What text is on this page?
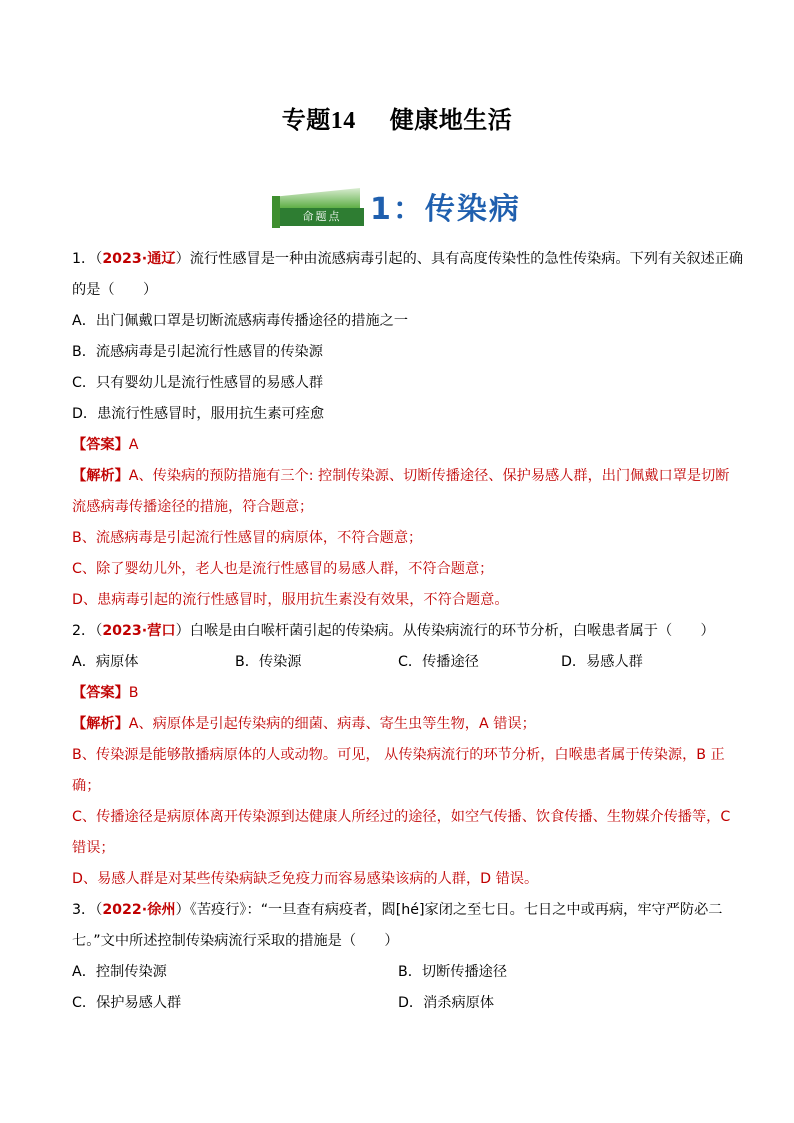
专题14 健康地生活
命题点 1：传染病
1．（2023·通辽）流行性感冒是一种由流感病毒引起的、具有高度传染性的急性传染病。下列有关叙述正确
的是（　　）
A．出门佩戴口罩是切断流感病毒传播途径的措施之一
B．流感病毒是引起流行性感冒的传染源
C．只有婴幼儿是流行性感冒的易感人群
D．患流行性感冒时，服用抗生素可痊愈
【答案】A
【解析】A、传染病的预防措施有三个: 控制传染源、切断传播途径、保护易感人群，出门佩戴口罩是切断
流感病毒传播途径的措施，符合题意；
B、流感病毒是引起流行性感冒的病原体，不符合题意；
C、除了婴幼儿外，老人也是流行性感冒的易感人群，不符合题意；
D、患病毒引起的流行性感冒时，服用抗生素没有效果，不符合题意。
2．（2023·营口）白喉是由白喉杆菌引起的传染病。从传染病流行的环节分析，白喉患者属于（　　）
A．病原体	B．传染源	C．传播途径	D．易感人群
【答案】B
【解析】A、病原体是引起传染病的细菌、病毒、寄生虫等生物，A 错误；
B、传染源是能够散播病原体的人或动物。可见， 从传染病流行的环节分析，白喉患者属于传染源，B 正
确；
C、传播途径是病原体离开传染源到达健康人所经过的途径，如空气传播、饮食传播、生物媒介传播等，C
错误；
D、易感人群是对某些传染病缺乏免疫力而容易感染该病的人群，D 错误。
3．（2022·徐州）《苦疫行》：“一旦查有病疫者，閻[hé]家闭之至七日。七日之中或再病，牢守严防必二
七。”文中所述控制传染病流行采取的措施是（　　）
A．控制传染源	B．切断传播途径
C．保护易感人群	D．消杀病原体
